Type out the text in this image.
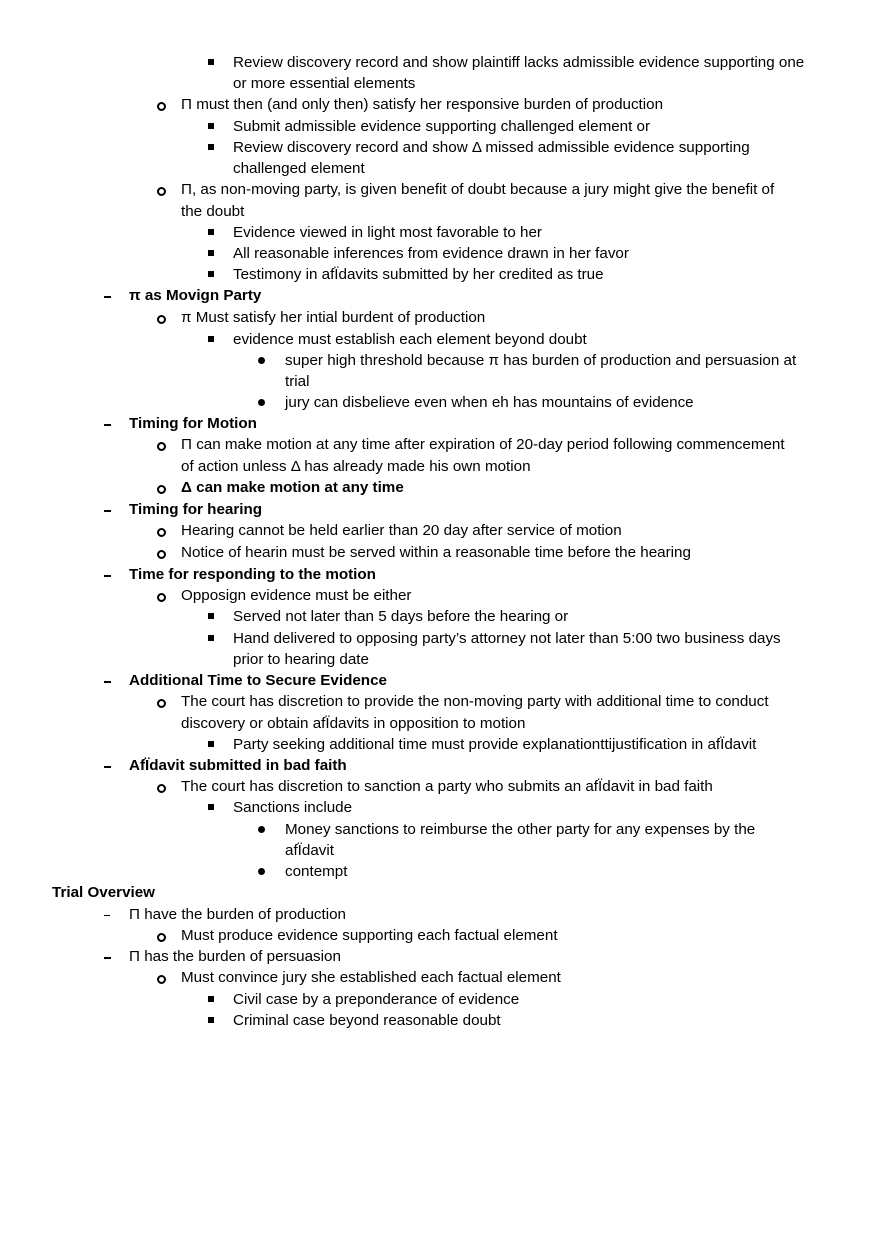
Review discovery record and show plaintiff lacks admissible evidence supporting one
or more essential elements
Π must then (and only then) satisfy her responsive burden of production
Submit admissible evidence supporting challenged element or
Review discovery record and show Δ missed admissible evidence supporting
challenged element
Π, as non-moving party, is given benefit of doubt because a jury might give the benefit of
the doubt
Evidence viewed in light most favorable to her
All reasonable inferences from evidence drawn in her favor
Testimony in afÏdavits submitted by her credited as true
π as Movign Party
π Must satisfy her intial burdent of production
evidence must establish each element beyond doubt
super high threshold because π has burden of production and persuasion at
trial
jury can disbelieve even when eh has mountains of evidence
Timing for Motion
Π can make motion at any time after expiration of 20-day period following commencement
of action unless Δ has already made his own motion
Δ can make motion at any time
Timing for hearing
Hearing cannot be held earlier than 20 day after service of motion
Notice of hearin must be served within a reasonable time before the hearing
Time for responding to the motion
Opposign evidence must be either
Served not later than 5 days before the hearing or
Hand delivered to opposing party’s attorney not later than 5:00 two business days
prior to hearing date
Additional Time to Secure Evidence
The court has discretion to provide the non-moving party with additional time to conduct
discovery or obtain afÏdavits in opposition to motion
Party seeking additional time must provide explanationttijustification in afÏdavit
AfÏdavit submitted in bad faith
The court has discretion to sanction a party who submits an afÏdavit in bad faith
Sanctions include
Money sanctions to reimburse the other party for any expenses by the
afÏdavit
contempt
Trial Overview
Π have the burden of production
Must produce evidence supporting each factual element
Π has the burden of persuasion
Must convince jury she established each factual element
Civil case by a preponderance of evidence
Criminal case beyond reasonable doubt
